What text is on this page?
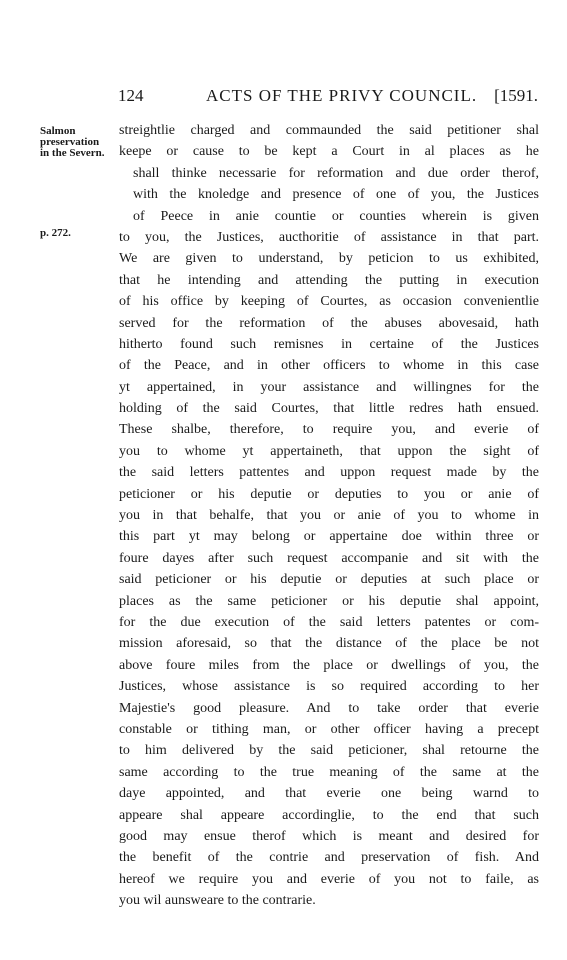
124	ACTS OF THE PRIVY COUNCIL. [1591.
Salmon
preservation
in the Severn.
p. 272.
streightlie charged and commaunded the said petitioner shal
keepe or cause to be kept a Court in al places as he
shall thinke necessarie for reformation and due order therof,
with the knoledge and presence of one of you, the Justices
of Peece in anie countie or counties wherein is given
to you, the Justices, aucthoritie of assistance in that part.
We are given to understand, by peticion to us exhibited,
that he intending and attending the putting in execution
of his office by keeping of Courtes, as occasion convenientlie
served for the reformation of the abuses abovesaid, hath
hitherto found such remisnes in certaine of the Justices
of the Peace, and in other officers to whome in this case
yt appertained, in your assistance and willingnes for the
holding of the said Courtes, that little redres hath ensued.
These shalbe, therefore, to require you, and everie of
you to whome yt appertaineth, that uppon the sight of
the said letters pattentes and uppon request made by the
peticioner or his deputie or deputies to you or anie of
you in that behalfe, that you or anie of you to whome in
this part yt may belong or appertaine doe within three or
foure dayes after such request accompanie and sit with the
said peticioner or his deputie or deputies at such place or
places as the same peticioner or his deputie shal appoint,
for the due execution of the said letters patentes or com-
mission aforesaid, so that the distance of the place be not
above foure miles from the place or dwellings of you, the
Justices, whose assistance is so required according to her
Majestie's good pleasure. And to take order that everie
constable or tithing man, or other officer having a precept
to him delivered by the said peticioner, shal retourne the
same according to the true meaning of the same at the
daye appointed, and that everie one being warnd to
appeare shal appeare accordinglie, to the end that such
good may ensue therof which is meant and desired for
the benefit of the contrie and preservation of fish. And
hereof we require you and everie of you not to faile, as
you wil aunsweare to the contrarie.
